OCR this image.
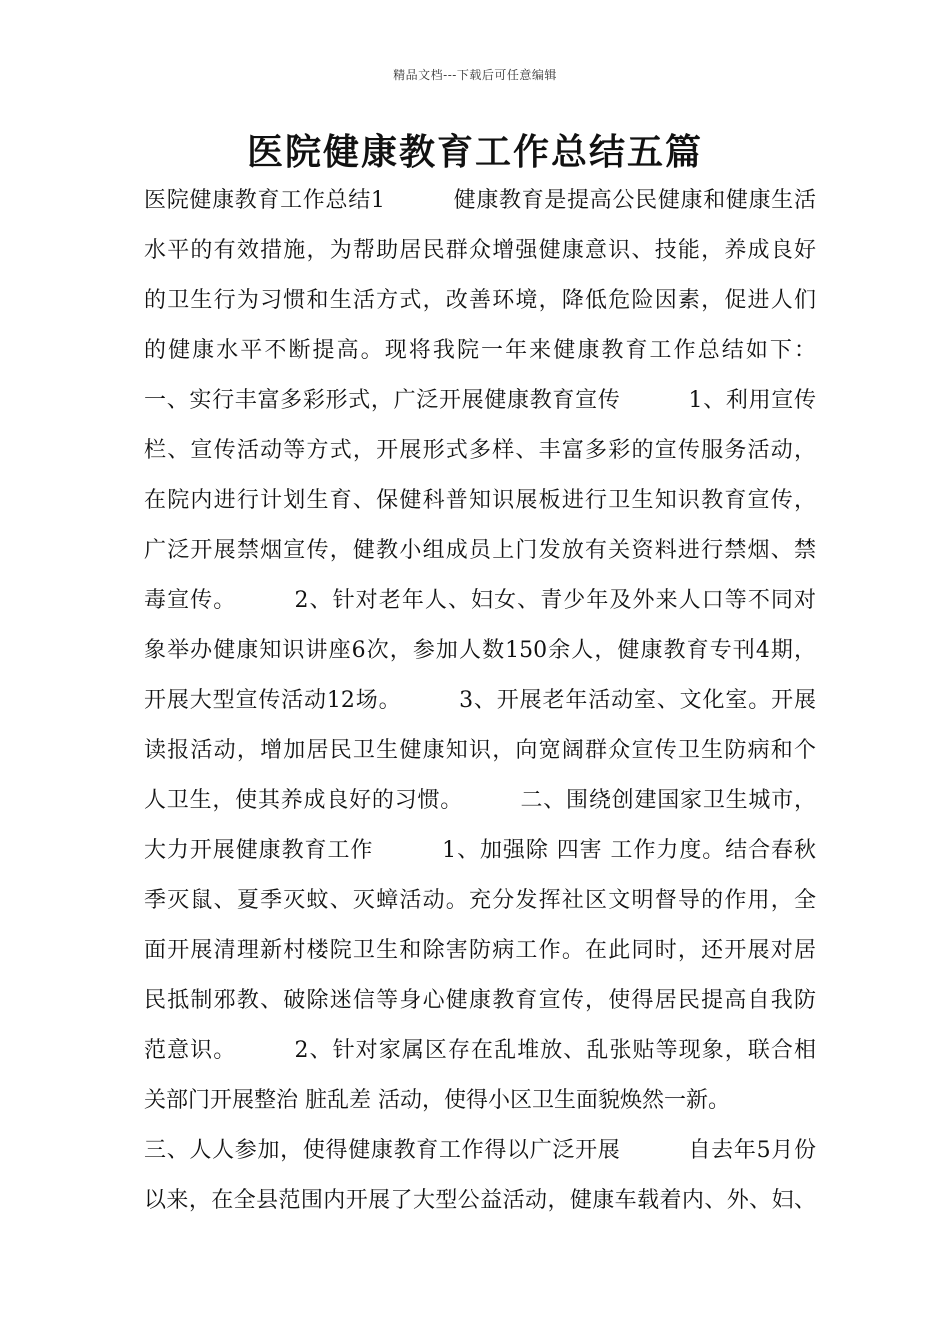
精品文档---下载后可任意编辑
医院健康教育工作总结五篇
医院健康教育工作总结1　　　健康教育是提高公民健康和健康生活
水平的有效措施，为帮助居民群众增强健康意识、技能，养成良好
的卫生行为习惯和生活方式，改善环境，降低危险因素，促进人们
的健康水平不断提高。现将我院一年来健康教育工作总结如下：
一、实行丰富多彩形式，广泛开展健康教育宣传　　　1、利用宣传
栏、宣传活动等方式，开展形式多样、丰富多彩的宣传服务活动，
在院内进行计划生育、保健科普知识展板进行卫生知识教育宣传，
广泛开展禁烟宣传，健教小组成员上门发放有关资料进行禁烟、禁
毒宣传。　　　2、针对老年人、妇女、青少年及外来人口等不同对
象举办健康知识讲座6次，参加人数150余人，健康教育专刊4期，
开展大型宣传活动12场。　　　3、开展老年活动室、文化室。开展
读报活动，增加居民卫生健康知识，向宽阔群众宣传卫生防病和个
人卫生，使其养成良好的习惯。　　　二、围绕创建国家卫生城市，
大力开展健康教育工作　　　1、加强除 四害 工作力度。结合春秋
季灭鼠、夏季灭蚊、灭蟑活动。充分发挥社区文明督导的作用，全
面开展清理新村楼院卫生和除害防病工作。在此同时，还开展对居
民抵制邪教、破除迷信等身心健康教育宣传，使得居民提高自我防
范意识。　　　2、针对家属区存在乱堆放、乱张贴等现象，联合相
关部门开展整治 脏乱差 活动，使得小区卫生面貌焕然一新。
三、人人参加，使得健康教育工作得以广泛开展　　　自去年5月份
以来，在全县范围内开展了大型公益活动，健康车载着内、外、妇、
